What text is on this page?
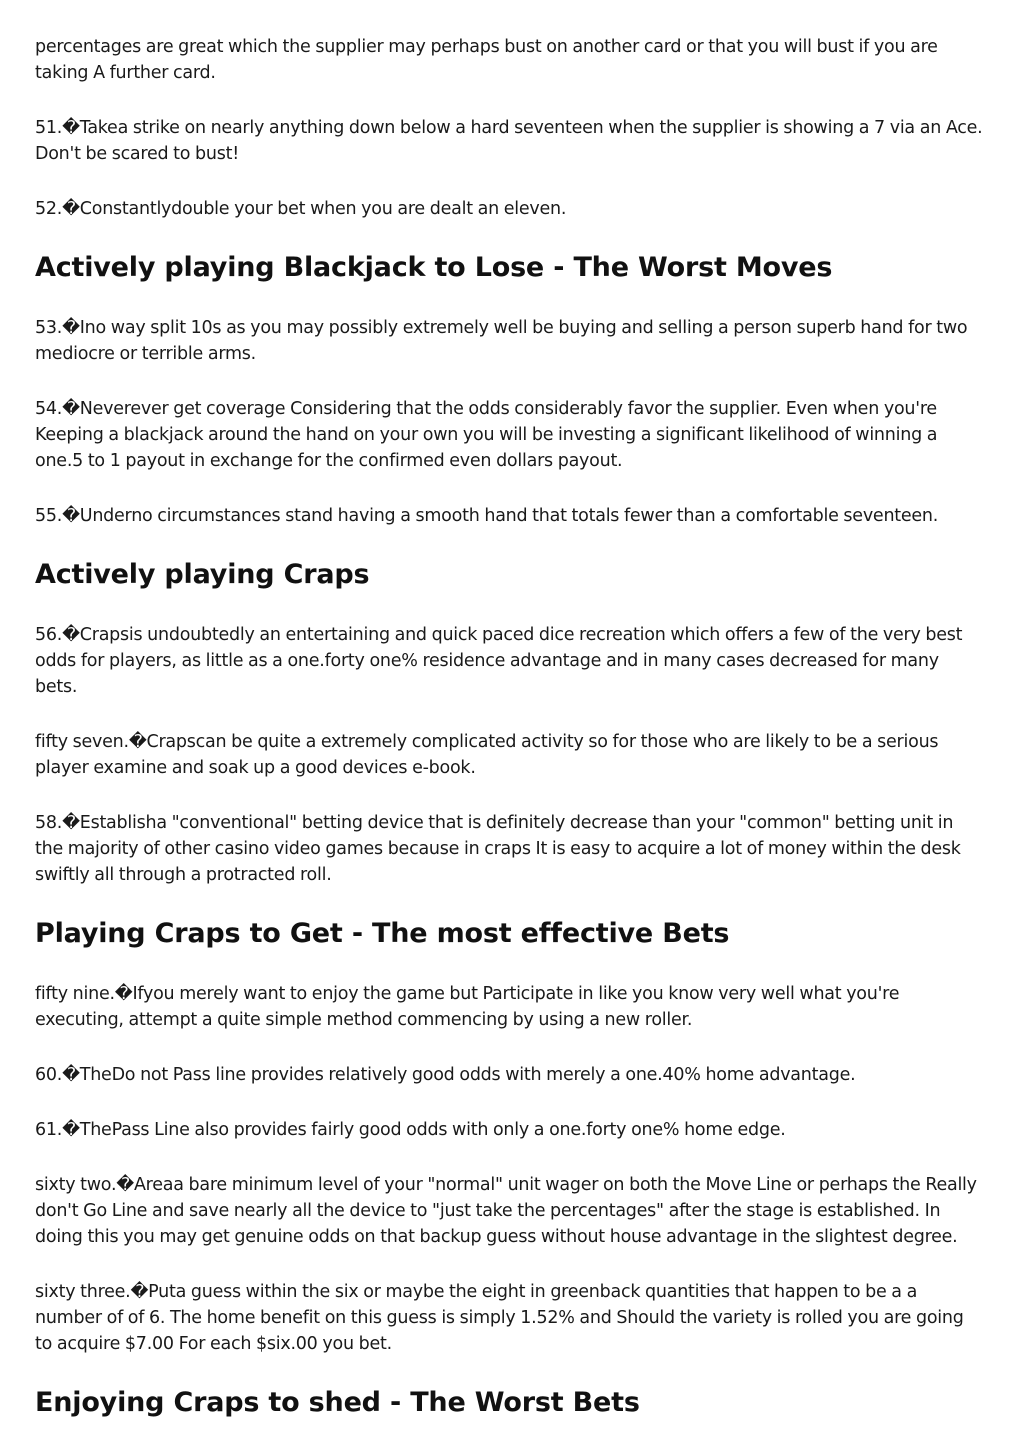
percentages are great which the supplier may perhaps bust on another card or that you will bust if you are taking A further card.

51.�Takea strike on nearly anything down below a hard seventeen when the supplier is showing a 7 via an Ace. Don't be scared to bust!

52.�Constantlydouble your bet when you are dealt an eleven.

Actively playing Blackjack to Lose - The Worst Moves

53.�Ino way split 10s as you may possibly extremely well be buying and selling a person superb hand for two mediocre or terrible arms.

54.�Neverever get coverage Considering that the odds considerably favor the supplier. Even when you're Keeping a blackjack around the hand on your own you will be investing a significant likelihood of winning a one.5 to 1 payout in exchange for the confirmed even dollars payout.

55.�Underno circumstances stand having a smooth hand that totals fewer than a comfortable seventeen.

Actively playing Craps

56.�Crapsis undoubtedly an entertaining and quick paced dice recreation which offers a few of the very best odds for players, as little as a one.forty one% residence advantage and in many cases decreased for many bets.

fifty seven.�Crapscan be quite a extremely complicated activity so for those who are likely to be a serious player examine and soak up a good devices e-book.

58.�Establisha "conventional" betting device that is definitely decrease than your "common" betting unit in the majority of other casino video games because in craps It is easy to acquire a lot of money within the desk swiftly all through a protracted roll.

Playing Craps to Get - The most effective Bets

fifty nine.�Ifyou merely want to enjoy the game but Participate in like you know very well what you're executing, attempt a quite simple method commencing by using a new roller.

60.�TheDo not Pass line provides relatively good odds with merely a one.40% home advantage.

61.�ThePass Line also provides fairly good odds with only a one.forty one% home edge.

sixty two.�Areaa bare minimum level of your "normal" unit wager on both the Move Line or perhaps the Really don't Go Line and save nearly all the device to "just take the percentages" after the stage is established. In doing this you may get genuine odds on that backup guess without house advantage in the slightest degree.

sixty three.�Puta guess within the six or maybe the eight in greenback quantities that happen to be a a number of of 6. The home benefit on this guess is simply 1.52% and Should the variety is rolled you are going to acquire $7.00 For each $six.00 you bet.

Enjoying Craps to shed - The Worst Bets
